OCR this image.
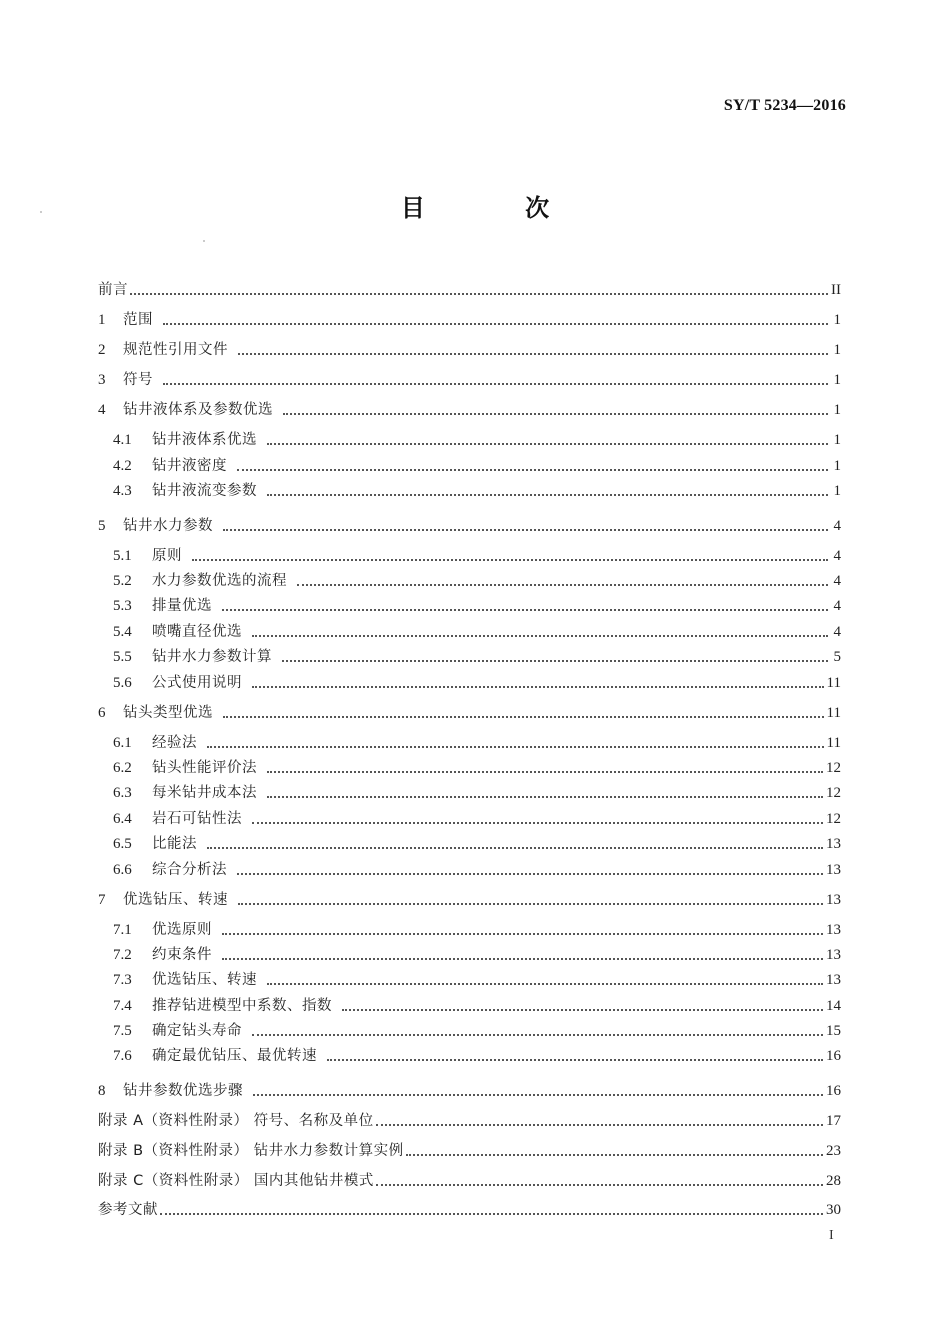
SY/T 5234—2016
目 次
前言	II
1	范围	1
2	规范性引用文件	1
3	符号	1
4	钻井液体系及参数优选	1
4.1	钻井液体系优选	1
4.2	钻井液密度	1
4.3	钻井液流变参数	1
5	钻井水力参数	4
5.1	原则	4
5.2	水力参数优选的流程	4
5.3	排量优选	4
5.4	喷嘴直径优选	4
5.5	钻井水力参数计算	5
5.6	公式使用说明	11
6	钻头类型优选	11
6.1	经验法	11
6.2	钻头性能评价法	12
6.3	每米钻井成本法	12
6.4	岩石可钻性法	12
6.5	比能法	13
6.6	综合分析法	13
7	优选钻压、转速	13
7.1	优选原则	13
7.2	约束条件	13
7.3	优选钻压、转速	13
7.4	推荐钻进模型中系数、指数	14
7.5	确定钻头寿命	15
7.6	确定最优钻压、最优转速	16
8	钻井参数优选步骤	16
附录 A（资料性附录） 符号、名称及单位	17
附录 B（资料性附录） 钻井水力参数计算实例	23
附录 C（资料性附录） 国内其他钻井模式	28
参考文献	30
I
